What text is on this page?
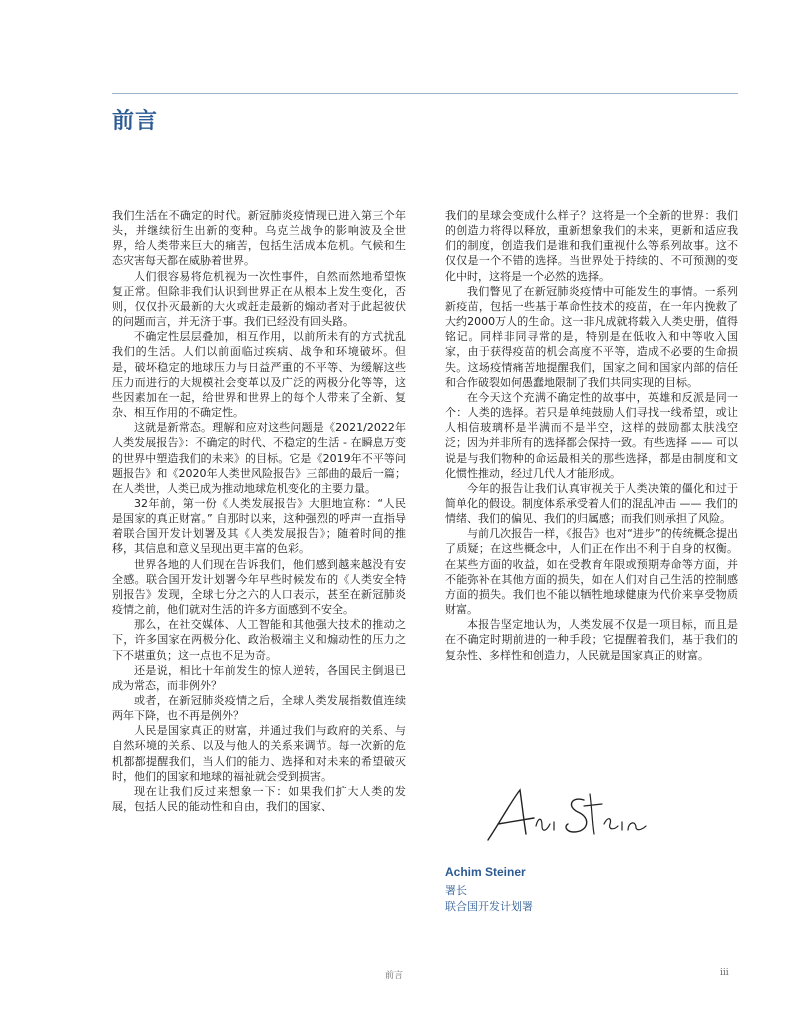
前言

我们生活在不确定的时代。新冠肺炎疫情现已进入第三个年头，并继续衍生出新的变种。乌克兰战争的影响波及全世界，给人类带来巨大的痛苦，包括生活成本危机。气候和生态灾害每天都在威胁着世界。

人们很容易将危机视为一次性事件，自然而然地希望恢复正常。但除非我们认识到世界正在从根本上发生变化，否则，仅仅扑灭最新的大火或赶走最新的煽动者对于此起彼伏的问题而言，并无济于事。我们已经没有回头路。

不确定性层层叠加，相互作用，以前所未有的方式扰乱我们的生活。人们以前面临过疾病、战争和环境破坏。但是，破坏稳定的地球压力与日益严重的不平等、为缓解这些压力而进行的大规模社会变革以及广泛的两极分化等等，这些因素加在一起，给世界和世界上的每个人带来了全新、复杂、相互作用的不确定性。

这就是新常态。理解和应对这些问题是《2021/2022年人类发展报告》：不确定的时代、不稳定的生活 - 在瞬息万变的世界中塑造我们的未来》的目标。它是《2019年不平等问题报告》和《2020年人类世风险报告》三部曲的最后一篇；在人类世，人类已成为推动地球危机变化的主要力量。

32年前，第一份《人类发展报告》大胆地宣称：“人民是国家的真正财富。” 自那时以来，这种强烈的呼声一直指导着联合国开发计划署及其《人类发展报告》；随着时间的推移，其信息和意义呈现出更丰富的色彩。

世界各地的人们现在告诉我们，他们感到越来越没有安全感。联合国开发计划署今年早些时候发布的《人类安全特别报告》发现，全球七分之六的人口表示，甚至在新冠肺炎疫情之前，他们就对生活的许多方面感到不安全。

那么，在社交媒体、人工智能和其他强大技术的推动之下，许多国家在两极分化、政治极端主义和煽动性的压力之下不堪重负；这一点也不足为奇。

还是说，相比十年前发生的惊人逆转，各国民主倒退已成为常态，而非例外？

或者，在新冠肺炎疫情之后，全球人类发展指数值连续两年下降，也不再是例外？

人民是国家真正的财富，并通过我们与政府的关系、与自然环境的关系、以及与他人的关系来调节。每一次新的危机都都提醒我们，当人们的能力、选择和对未来的希望破灭时，他们的国家和地球的福祉就会受到损害。

现在让我们反过来想象一下：如果我们扩大人类的发展，包括人民的能动性和自由，我们的国家、

我们的星球会变成什么样子？这将是一个全新的世界：我们的创造力将得以释放，重新想象我们的未来，更新和适应我们的制度，创造我们是谁和我们重视什么等系列故事。这不仅仅是一个不错的选择。当世界处于持续的、不可预测的变化中时，这将是一个必然的选择。

我们瞥见了在新冠肺炎疫情中可能发生的事情。一系列新疫苗，包括一些基于革命性技术的疫苗，在一年内挽救了大约2000万人的生命。这一非凡成就将载入人类史册，值得铭记。同样非同寻常的是，特别是在低收入和中等收入国家，由于获得疫苗的机会高度不平等，造成不必要的生命损失。这场疫情痛苦地提醒我们，国家之间和国家内部的信任和合作破裂如何愚蠢地限制了我们共同实现的目标。

在今天这个充满不确定性的故事中，英雄和反派是同一个：人类的选择。若只是单纯鼓励人们寻找一线希望，或让人相信玻璃杯是半满而不是半空，这样的鼓励都太肤浅空泛；因为并非所有的选择都会保持一致。有些选择 —— 可以说是与我们物种的命运最相关的那些选择，都是由制度和文化惯性推动，经过几代人才能形成。

今年的报告让我们认真审视关于人类决策的僵化和过于简单化的假设。制度体系承受着人们的混乱冲击 —— 我们的情绪、我们的偏见、我们的归属感；而我们则承担了风险。

与前几次报告一样，《报告》也对“进步”的传统概念提出了质疑；在这些概念中，人们正在作出不利于自身的权衡。在某些方面的收益，如在受教育年限或预期寿命等方面，并不能弥补在其他方面的损失，如在人们对自己生活的控制感方面的损失。我们也不能以牺牲地球健康为代价来享受物质财富。

本报告坚定地认为，人类发展不仅是一项目标，而且是在不确定时期前进的一种手段；它提醒着我们，基于我们的复杂性、多样性和创造力，人民就是国家真正的财富。

Achim Steiner

署长

联合国开发计划署

前言	iii
